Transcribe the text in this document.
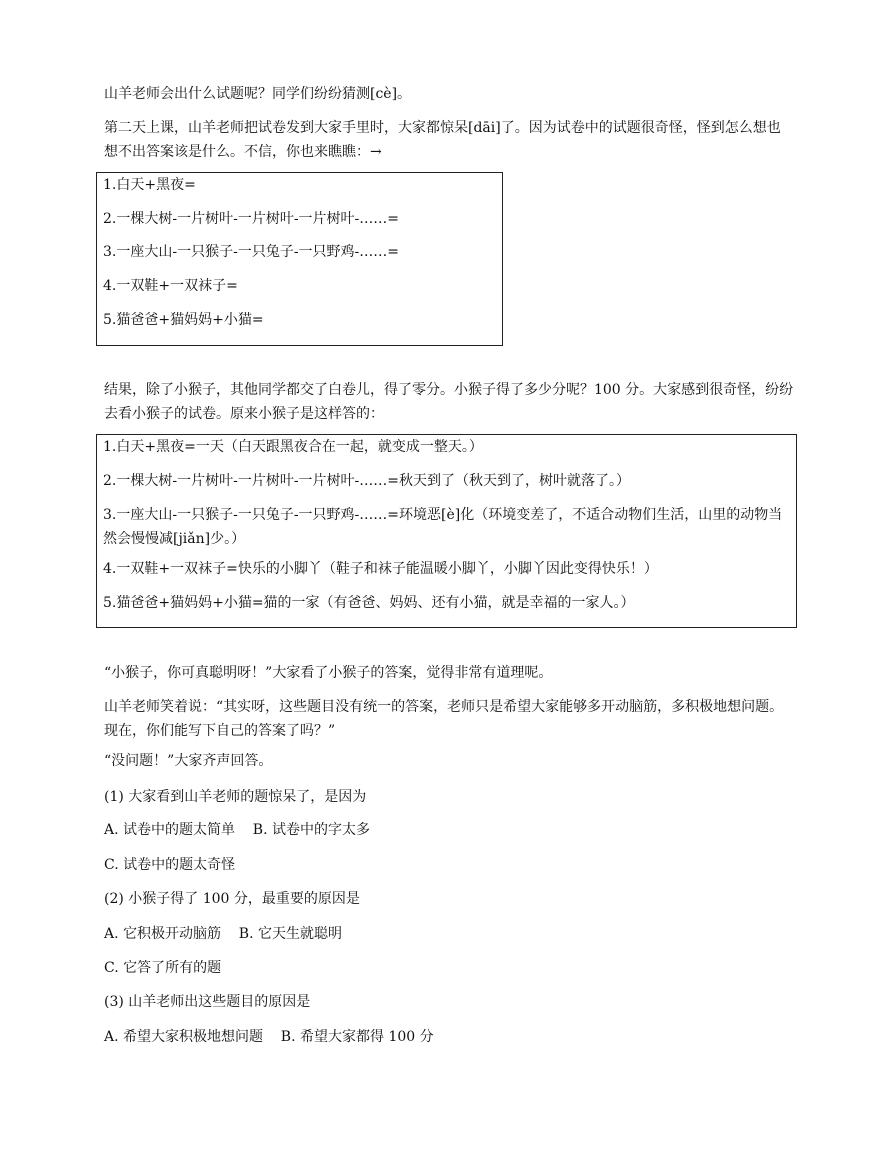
山羊老师会出什么试题呢？同学们纷纷猜测[cè]。

第二天上课，山羊老师把试卷发到大家手里时，大家都惊呆[dāi]了。因为试卷中的试题很奇怪，怪到怎么想也想不出答案该是什么。不信，你也来瞧瞧：→

1.白天+黑夜=

2.一棵大树-一片树叶-一片树叶-一片树叶-……=

3.一座大山-一只猴子-一只兔子-一只野鸡-……=

4.一双鞋+一双袜子=

5.猫爸爸+猫妈妈+小猫=

结果，除了小猴子，其他同学都交了白卷儿，得了零分。小猴子得了多少分呢？100 分。大家感到很奇怪，纷纷去看小猴子的试卷。原来小猴子是这样答的：

1.白天+黑夜=一天（白天跟黑夜合在一起，就变成一整天。）

2.一棵大树-一片树叶-一片树叶-一片树叶-……=秋天到了（秋天到了，树叶就落了。）

3.一座大山-一只猴子-一只兔子-一只野鸡-……=环境恶[è]化（环境变差了，不适合动物们生活，山里的动物当然会慢慢减[jiǎn]少。）

4.一双鞋+一双袜子=快乐的小脚丫（鞋子和袜子能温暖小脚丫，小脚丫因此变得快乐！）

5.猫爸爸+猫妈妈+小猫=猫的一家（有爸爸、妈妈、还有小猫，就是幸福的一家人。）

“小猴子，你可真聪明呀！”大家看了小猴子的答案，觉得非常有道理呢。

山羊老师笑着说：“其实呀，这些题目没有统一的答案，老师只是希望大家能够多开动脑筋，多积极地想问题。现在，你们能写下自己的答案了吗？”

“没问题！”大家齐声回答。

(1) 大家看到山羊老师的题惊呆了，是因为

A. 试卷中的题太简单    B. 试卷中的字太多

C. 试卷中的题太奇怪

(2) 小猴子得了 100 分，最重要的原因是

A. 它积极开动脑筋    B. 它天生就聪明

C. 它答了所有的题

(3) 山羊老师出这些题目的原因是

A. 希望大家积极地想问题    B. 希望大家都得 100 分
